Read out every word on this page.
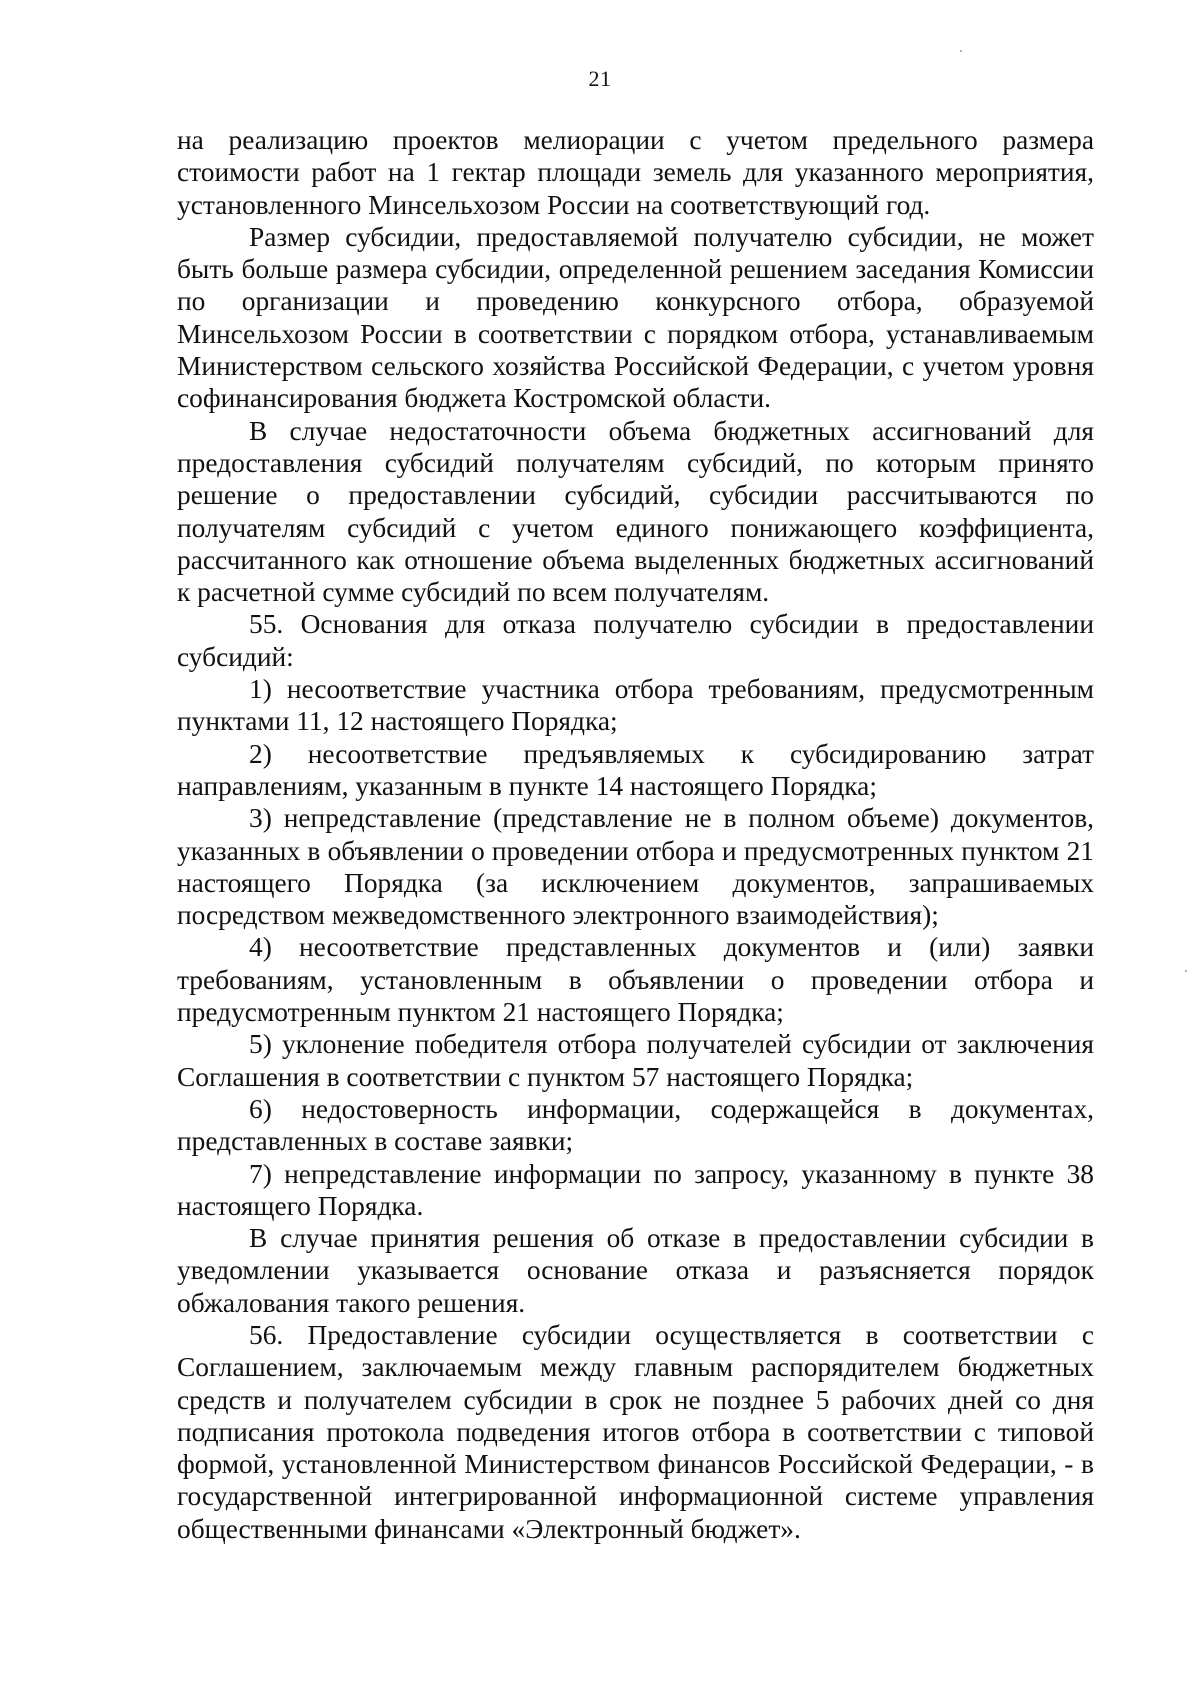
21

на реализацию проектов мелиорации с учетом предельного размера стоимости работ на 1 гектар площади земель для указанного мероприятия, установленного Минсельхозом России на соответствующий год.

Размер субсидии, предоставляемой получателю субсидии, не может быть больше размера субсидии, определенной решением заседания Комиссии по организации и проведению конкурсного отбора, образуемой Минсельхозом России в соответствии с порядком отбора, устанавливаемым Министерством сельского хозяйства Российской Федерации, с учетом уровня софинансирования бюджета Костромской области.

В случае недостаточности объема бюджетных ассигнований для предоставления субсидий получателям субсидий, по которым принято решение о предоставлении субсидий, субсидии рассчитываются по получателям субсидий с учетом единого понижающего коэффициента, рассчитанного как отношение объема выделенных бюджетных ассигнований к расчетной сумме субсидий по всем получателям.

55. Основания для отказа получателю субсидии в предоставлении субсидий:

1) несоответствие участника отбора требованиям, предусмотренным пунктами 11, 12 настоящего Порядка;

2) несоответствие предъявляемых к субсидированию затрат направлениям, указанным в пункте 14 настоящего Порядка;

3) непредставление (представление не в полном объеме) документов, указанных в объявлении о проведении отбора и предусмотренных пунктом 21 настоящего Порядка (за исключением документов, запрашиваемых посредством межведомственного электронного взаимодействия);

4) несоответствие представленных документов и (или) заявки требованиям, установленным в объявлении о проведении отбора и предусмотренным пунктом 21 настоящего Порядка;

5) уклонение победителя отбора получателей субсидии от заключения Соглашения в соответствии с пунктом 57 настоящего Порядка;

6) недостоверность информации, содержащейся в документах, представленных в составе заявки;

7) непредставление информации по запросу, указанному в пункте 38 настоящего Порядка.

В случае принятия решения об отказе в предоставлении субсидии в уведомлении указывается основание отказа и разъясняется порядок обжалования такого решения.

56. Предоставление субсидии осуществляется в соответствии с Соглашением, заключаемым между главным распорядителем бюджетных средств и получателем субсидии в срок не позднее 5 рабочих дней со дня подписания протокола подведения итогов отбора в соответствии с типовой формой, установленной Министерством финансов Российской Федерации, - в государственной интегрированной информационной системе управления общественными финансами «Электронный бюджет».
